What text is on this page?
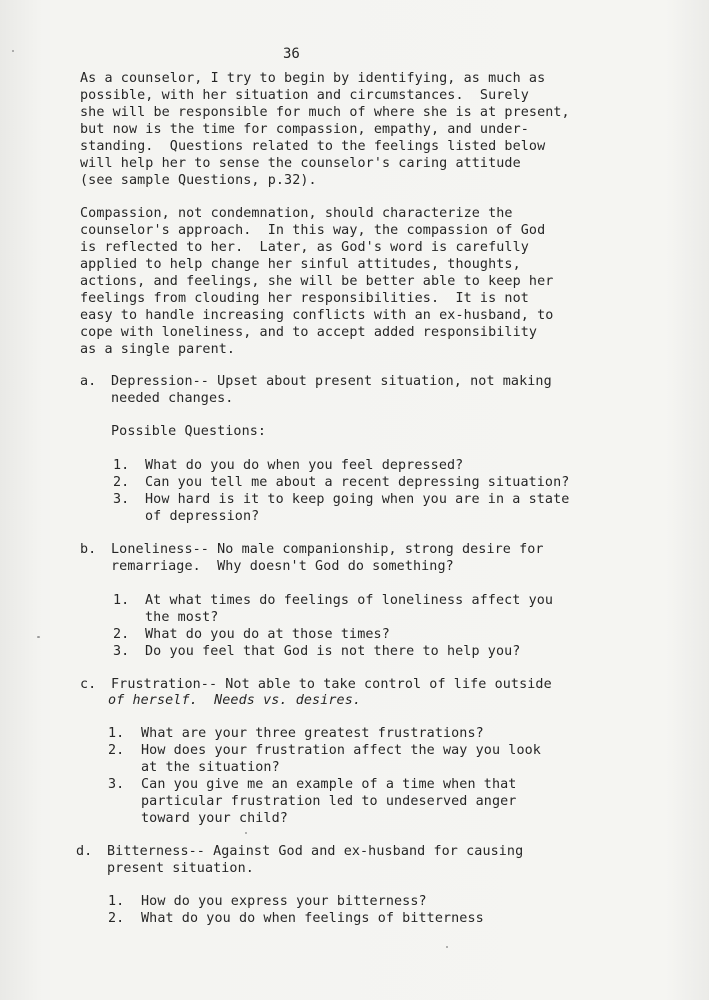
36
As a counselor, I try to begin by identifying, as much as
possible, with her situation and circumstances.  Surely
she will be responsible for much of where she is at present,
but now is the time for compassion, empathy, and under-
standing.  Questions related to the feelings listed below
will help her to sense the counselor's caring attitude
(see sample Questions, p.32).
Compassion, not condemnation, should characterize the
counselor's approach.  In this way, the compassion of God
is reflected to her.  Later, as God's word is carefully
applied to help change her sinful attitudes, thoughts,
actions, and feelings, she will be better able to keep her
feelings from clouding her responsibilities.  It is not
easy to handle increasing conflicts with an ex-husband, to
cope with loneliness, and to accept added responsibility
as a single parent.
a. Depression-- Upset about present situation, not making
needed changes.
Possible Questions:
1. What do you do when you feel depressed?
2. Can you tell me about a recent depressing situation?
3. How hard is it to keep going when you are in a state
of depression?
b. Loneliness-- No male companionship, strong desire for
remarriage.  Why doesn't God do something?
1. At what times do feelings of loneliness affect you
the most?
2. What do you do at those times?
3. Do you feel that God is not there to help you?
c. Frustration-- Not able to take control of life outside
of herself.  Needs vs. desires.
1. What are your three greatest frustrations?
2. How does your frustration affect the way you look
at the situation?
3. Can you give me an example of a time when that
particular frustration led to undeserved anger
toward your child?
d. Bitterness-- Against God and ex-husband for causing
present situation.
1. How do you express your bitterness?
2. What do you do when feelings of bitterness
